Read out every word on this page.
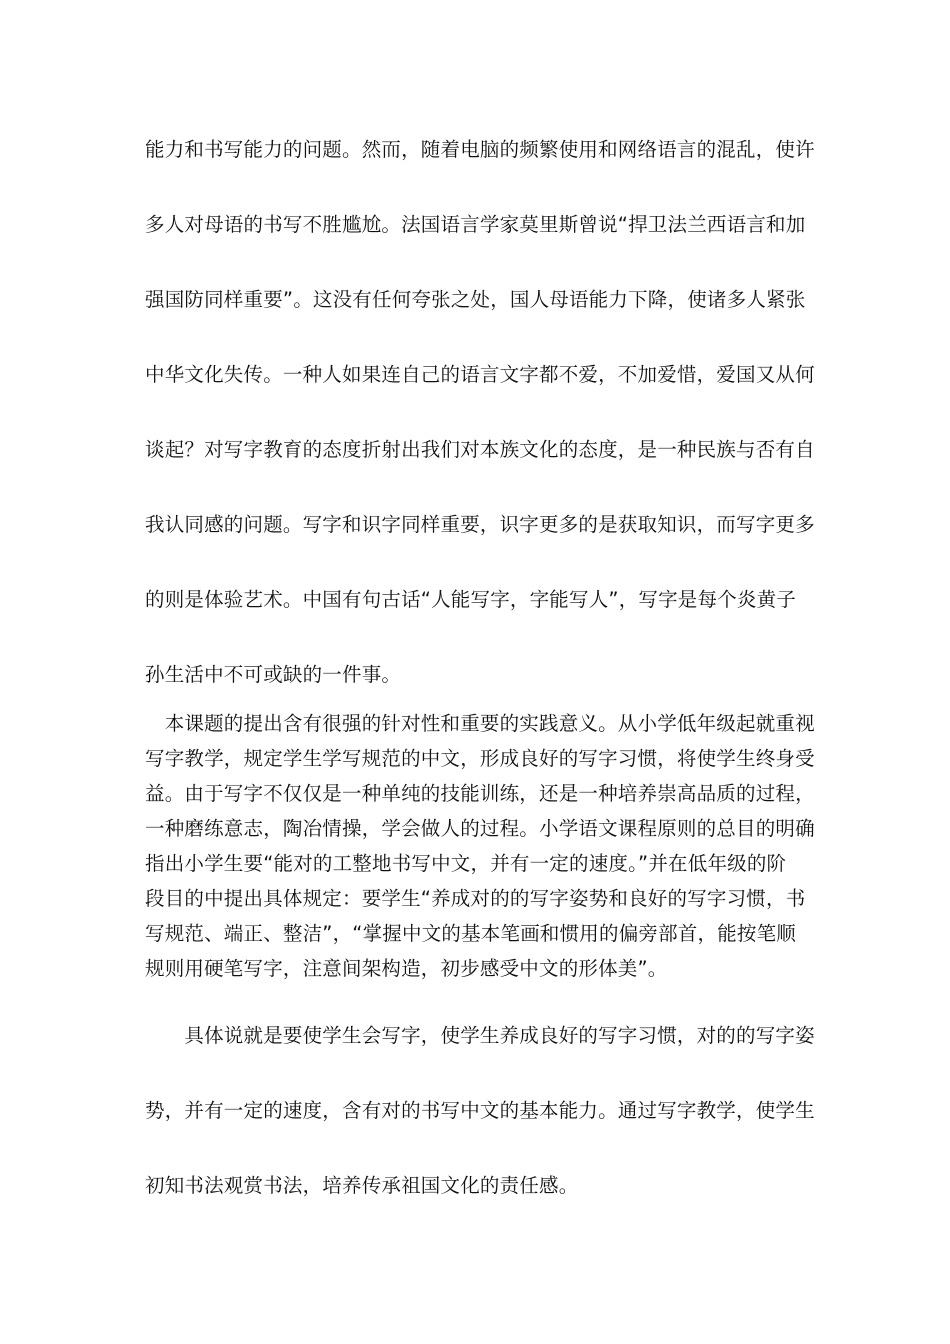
能力和书写能力的问题。然而，随着电脑的频繁使用和网络语言的混乱，使许
多人对母语的书写不胜尴尬。法国语言学家莫里斯曾说“捍卫法兰西语言和加
强国防同样重要”。这没有任何夸张之处，国人母语能力下降，使诸多人紧张
中华文化失传。一种人如果连自己的语言文字都不爱，不加爱惜，爱国又从何
谈起？对写字教育的态度折射出我们对本族文化的态度，是一种民族与否有自
我认同感的问题。写字和识字同样重要，识字更多的是获取知识，而写字更多
的则是体验艺术。中国有句古话“人能写字，字能写人”，写字是每个炎黄子
孙生活中不可或缺的一件事。
　本课题的提出含有很强的针对性和重要的实践意义。从小学低年级起就重视
写字教学，规定学生学写规范的中文，形成良好的写字习惯，将使学生终身受
益。由于写字不仅仅是一种单纯的技能训练，还是一种培养崇高品质的过程，
一种磨练意志，陶冶情操，学会做人的过程。小学语文课程原则的总目的明确
指出小学生要“能对的工整地书写中文，并有一定的速度。”并在低年级的阶
段目的中提出具体规定：要学生“养成对的的写字姿势和良好的写字习惯，书
写规范、端正、整洁”，“掌握中文的基本笔画和惯用的偏旁部首，能按笔顺
规则用硬笔写字，注意间架构造，初步感受中文的形体美”。
　　具体说就是要使学生会写字，使学生养成良好的写字习惯，对的的写字姿
势，并有一定的速度，含有对的书写中文的基本能力。通过写字教学，使学生
初知书法观赏书法，培养传承祖国文化的责任感。
